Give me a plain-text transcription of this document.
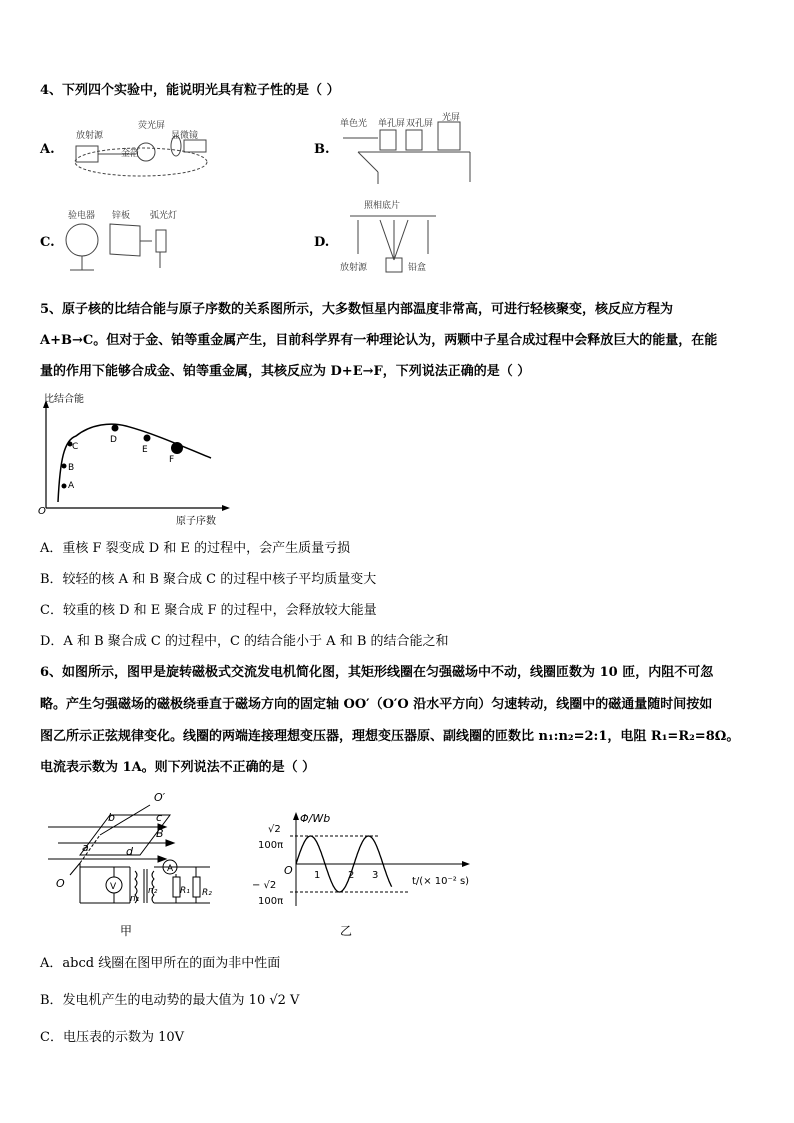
4、下列四个实验中，能说明光具有粒子性的是（ ）
A.
放射源
金箔
荧光屏
显微镜
B.
单色光 单孔屏 双孔屏
光屏
C.
验电器 锌板 弧光灯
D.
照相底片
放射源	铅盒
5、原子核的比结合能与原子序数的关系图所示，大多数恒星内部温度非常高，可进行轻核聚变，核反应方程为
A+B→C。但对于金、铂等重金属产生，目前科学界有一种理论认为，两颗中子星合成过程中会释放巨大的能量，在能
量的作用下能够合成金、铂等重金属，其核反应为 D+E→F，下列说法正确的是（ ）
A
B
C
D
E
F
O
比结合能
原子序数
A．重核 F 裂变成 D 和 E 的过程中，会产生质量亏损
B．较轻的核 A 和 B 聚合成 C 的过程中核子平均质量变大
C．较重的核 D 和 E 聚合成 F 的过程中，会释放较大能量
D．A 和 B 聚合成 C 的过程中，C 的结合能小于 A 和 B 的结合能之和
6、如图所示，图甲是旋转磁极式交流发电机简化图，其矩形线圈在匀强磁场中不动，线圈匝数为 10 匝，内阻不可忽
略。产生匀强磁场的磁极绕垂直于磁场方向的固定轴 OO′（O′O 沿水平方向）匀速转动，线圈中的磁通量随时间按如
图乙所示正弦规律变化。线圈的两端连接理想变压器，理想变压器原、副线圈的匝数比 n₁:n₂=2:1，电阻 R₁=R₂=8Ω。
电流表示数为 1A。则下列说法不正确的是（ ）
O′
b	c
B
a	d
O	V
A
n₁
n₂	R₁ R₂
甲
√2
100π
− √2
100π
O 1	2 3
Φ/Wb
t/(× 10⁻² s)
乙
A．abcd 线圈在图甲所在的面为非中性面
B．发电机产生的电动势的最大值为 10 √2 V
C．电压表的示数为 10V
